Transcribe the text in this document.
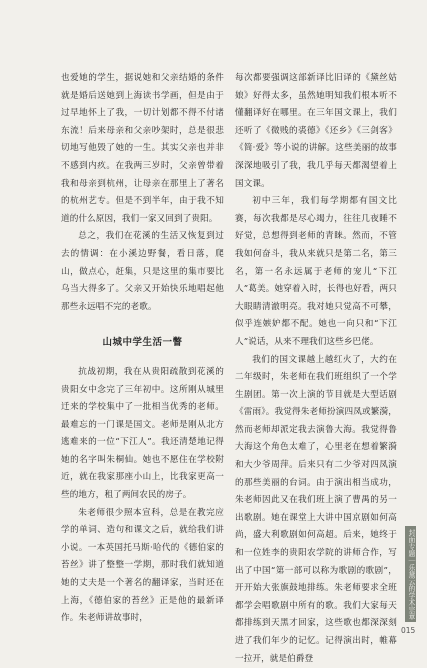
也爱她的学生，据说她和父亲结婚的条件就是婚后送她到上海读书学画，但是由于过早地怀上了我，一切计划都不得不付诸东流！后来母亲和父亲吵架时，总是很悲切地写他毁了她的一生。其实父亲也并非不感到内疚。在我两三岁时，父亲曾带着我和母亲到杭州，让母亲在那里上了著名的杭州艺专。但是不到半年，由于我不知道的什么原因，我们一家又回到了贵阳。

总之，我们在花溪的生活又恢复到过去的情调：在小溪边野餐，看日落，爬山，做点心，赶集，只是这里的集市要比乌当大得多了。父亲又开始快乐地唱起他那些永远唱不完的老歌。

山城中学生活一瞥

抗战初期，我在从贵阳疏散到花溪的贵阳女中念完了三年初中。这所刚从城里迁来的学校集中了一批相当优秀的老师。最难忘的一门课是国文。老师是刚从北方逃难来的一位“下江人”。我还清楚地记得她的名字叫朱桐仙。她也不愿住在学校附近，就在我家那座小山上，比我家更高一些的地方，租了两间农民的房子。

朱老师很少照本宣科，总是在教完应学的单词、造句和课文之后，就给我们讲小说。一本英国托马斯·哈代的《德伯家的苔丝》讲了整整一学期，那时我们就知道她的丈夫是一个著名的翻译家，当时还在上海，《德伯家的苔丝》正是他的最新译作。朱老师讲故事时，

每次都要强调这部新译比旧译的《黛丝姑娘》好得太多，虽然她明知我们根本听不懂翻译好在哪里。在三年国文课上，我们还听了《微贱的裘德》《还乡》《三剑客》《简·爱》等小说的讲解。这些美丽的故事深深地吸引了我，我几乎每天都渴望着上国文课。

初中三年，我们每学期都有国文比赛，每次我都是尽心竭力，往往几夜睡不好觉，总想得到老师的青睐。然而，不管我如何奋斗，我从来就只是第二名，第三名，第一名永远属于老师的宠儿“下江人”葛美。她穿着入时，长得也好看，两只大眼睛清澈明亮。我对她只觉高不可攀，似乎连嫉妒都不配。她也一向只和“下江人”说话，从来不理我们这些乡巴佬。

我们的国文课越上越红火了，大约在二年级时，朱老师在我们班组织了一个学生剧团。第一次上演的节目就是大型话剧《雷雨》。我觉得朱老师扮演四凤或繁漪，然而老师却派定我去演鲁大海。我觉得鲁大海这个角色太难了，心里老在想着繁漪和大少爷周萍。后来只有二少爷对四凤演的那些美丽的台词。由于演出相当成功，朱老师因此又在我们班上演了曹禺的另一出歌剧。她在课堂上大讲中国京剧如何高尚，盛大利歌剧如何高超。后来，她终于和一位姓李的贵阳农学院的讲师合作，写出了中国“第一部可以称为歌剧的歌剧”，开开始大张旗鼓地排练。朱老师要求全班都学会唱歌剧中所有的歌。我们大家每天都排练到天黑才回家，这些歌也都深深刻进了我们年少的记忆。记得演出时，帷幕一拉开，就是伯爵登

封面专题｜乐黛云的学术宗章
015
